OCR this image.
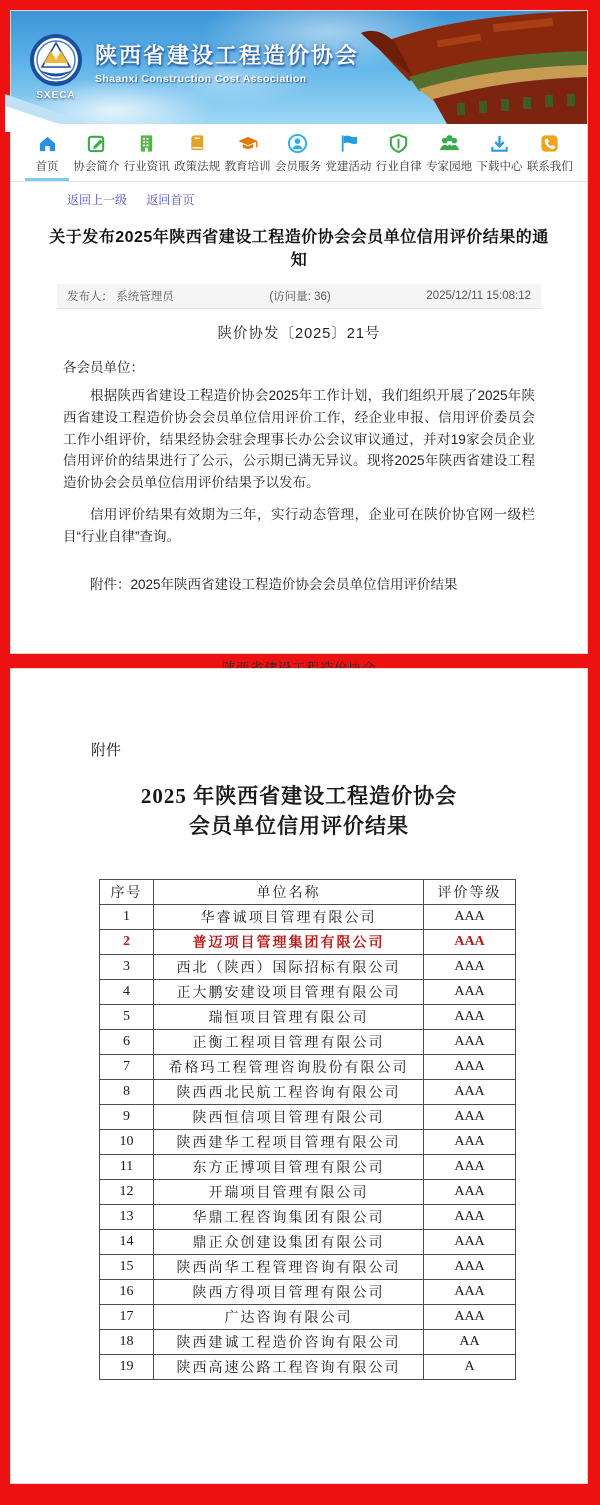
SXECA
陕西省建设工程造价协会
Shaanxi Construction Cost Association
首页 协会简介 行业资讯 政策法规 教育培训 会员服务 党建活动 行业自律 专家园地 下载中心 联系我们
返回上一级 返回首页
关于发布2025年陕西省建设工程造价协会会员单位信用评价结果的通知
发布人： 系统管理员	(访问量: 36)	2025/12/11 15:08:12
陕价协发〔2025〕21号

各会员单位：

根据陕西省建设工程造价协会2025年工作计划，我们组织开展了2025年陕西省建设工程造价协会会员单位信用评价工作，经企业申报、信用评价委员会工作小组评价，结果经协会驻会理事长办公会议审议通过，并对19家会员企业信用评价的结果进行了公示，公示期已满无异议。现将2025年陕西省建设工程造价协会会员单位信用评价结果予以发布。

信用评价结果有效期为三年，实行动态管理，企业可在陕价协官网一级栏目“行业自律”查询。

附件：2025年陕西省建设工程造价协会会员单位信用评价结果
附件
2025 年陕西省建设工程造价协会
会员单位信用评价结果
序号	单位名称	评价等级
1	华睿诚项目管理有限公司	AAA
2	普迈项目管理集团有限公司	AAA
3	西北（陕西）国际招标有限公司	AAA
4	正大鹏安建设项目管理有限公司	AAA
5	瑞恒项目管理有限公司	AAA
6	正衡工程项目管理有限公司	AAA
7	希格玛工程管理咨询股份有限公司	AAA
8	陕西西北民航工程咨询有限公司	AAA
9	陕西恒信项目管理有限公司	AAA
10	陕西建华工程项目管理有限公司	AAA
11	东方正博项目管理有限公司	AAA
12	开瑞项目管理有限公司	AAA
13	华鼎工程咨询集团有限公司	AAA
14	鼎正众创建设集团有限公司	AAA
15	陕西尚华工程管理咨询有限公司	AAA
16	陕西方得项目管理有限公司	AAA
17	广达咨询有限公司	AAA
18	陕西建诚工程造价咨询有限公司	AA
19	陕西高速公路工程咨询有限公司	A
